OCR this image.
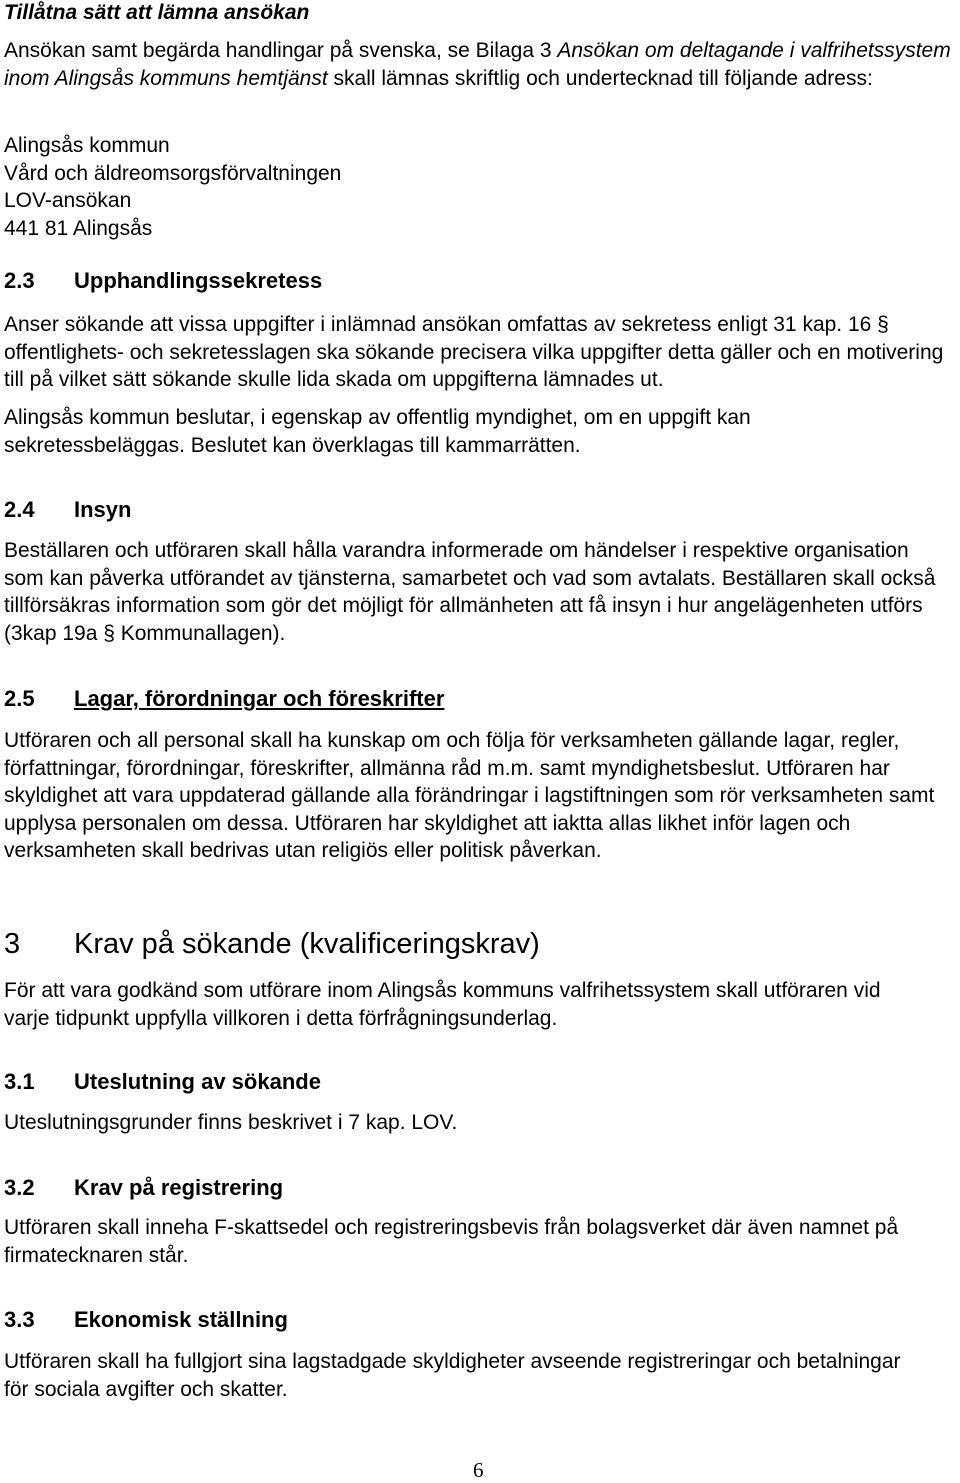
Tillåtna sätt att lämna ansökan

Ansökan samt begärda handlingar på svenska, se Bilaga 3 Ansökan om deltagande i valfrihetssystem inom Alingsås kommuns hemtjänst skall lämnas skriftlig och undertecknad till följande adress:

Alingsås kommun

Vård och äldreomsorgsförvaltningen

LOV-ansökan

441 81 Alingsås

2.3 Upphandlingssekretess

Anser sökande att vissa uppgifter i inlämnad ansökan omfattas av sekretess enligt 31 kap. 16 § offentlighets- och sekretesslagen ska sökande precisera vilka uppgifter detta gäller och en motivering till på vilket sätt sökande skulle lida skada om uppgifterna lämnades ut.

Alingsås kommun beslutar, i egenskap av offentlig myndighet, om en uppgift kan sekretessbeläggas. Beslutet kan överklagas till kammarrätten.

2.4 Insyn

Beställaren och utföraren skall hålla varandra informerade om händelser i respektive organisation som kan påverka utförandet av tjänsterna, samarbetet och vad som avtalats. Beställaren skall också tillförsäkras information som gör det möjligt för allmänheten att få insyn i hur angelägenheten utförs (3kap 19a § Kommunallagen).

2.5 Lagar, förordningar och föreskrifter

Utföraren och all personal skall ha kunskap om och följa för verksamheten gällande lagar, regler, författningar, förordningar, föreskrifter, allmänna råd m.m. samt myndighetsbeslut. Utföraren har skyldighet att vara uppdaterad gällande alla förändringar i lagstiftningen som rör verksamheten samt upplysa personalen om dessa. Utföraren har skyldighet att iaktta allas likhet inför lagen och verksamheten skall bedrivas utan religiös eller politisk påverkan.

3 Krav på sökande (kvalificeringskrav)

För att vara godkänd som utförare inom Alingsås kommuns valfrihetssystem skall utföraren vid varje tidpunkt uppfylla villkoren i detta förfrågningsunderlag.

3.1 Uteslutning av sökande

Uteslutningsgrunder finns beskrivet i 7 kap. LOV.

3.2 Krav på registrering

Utföraren skall inneha F-skattsedel och registreringsbevis från bolagsverket där även namnet på firmatecknaren står.

3.3 Ekonomisk ställning

Utföraren skall ha fullgjort sina lagstadgade skyldigheter avseende registreringar och betalningar för sociala avgifter och skatter.

6
